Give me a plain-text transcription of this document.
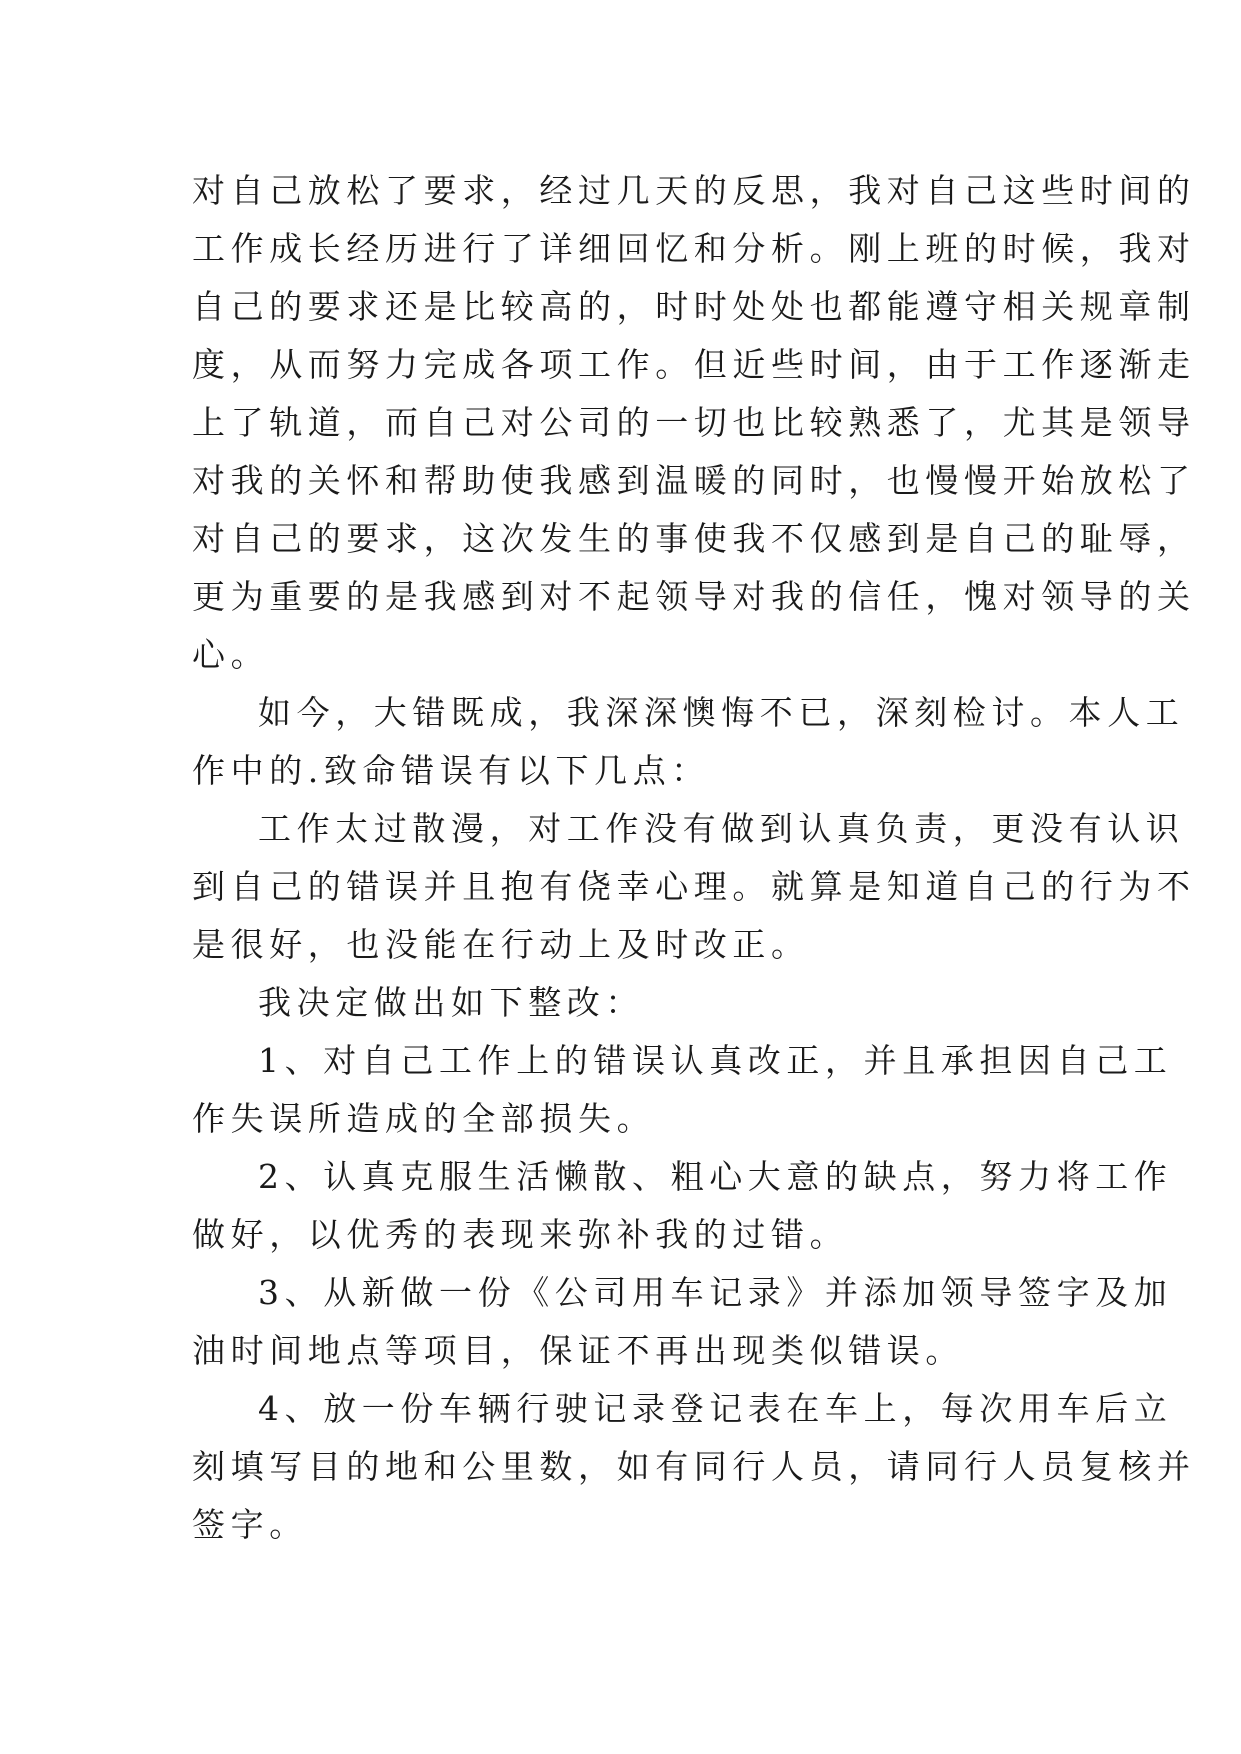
对自己放松了要求，经过几天的反思，我对自己这些时间的
工作成长经历进行了详细回忆和分析。刚上班的时候，我对
自己的要求还是比较高的，时时处处也都能遵守相关规章制
度，从而努力完成各项工作。但近些时间，由于工作逐渐走
上了轨道，而自己对公司的一切也比较熟悉了，尤其是领导
对我的关怀和帮助使我感到温暖的同时，也慢慢开始放松了
对自己的要求，这次发生的事使我不仅感到是自己的耻辱，
更为重要的是我感到对不起领导对我的信任，愧对领导的关
心。
如今，大错既成，我深深懊悔不已，深刻检讨。本人工
作中的.致命错误有以下几点：
工作太过散漫，对工作没有做到认真负责，更没有认识
到自己的错误并且抱有侥幸心理。就算是知道自己的行为不
是很好，也没能在行动上及时改正。
我决定做出如下整改：
1、对自己工作上的错误认真改正，并且承担因自己工
作失误所造成的全部损失。
2、认真克服生活懒散、粗心大意的缺点，努力将工作
做好，以优秀的表现来弥补我的过错。
3、从新做一份《公司用车记录》并添加领导签字及加
油时间地点等项目，保证不再出现类似错误。
4、放一份车辆行驶记录登记表在车上，每次用车后立
刻填写目的地和公里数，如有同行人员，请同行人员复核并
签字。
